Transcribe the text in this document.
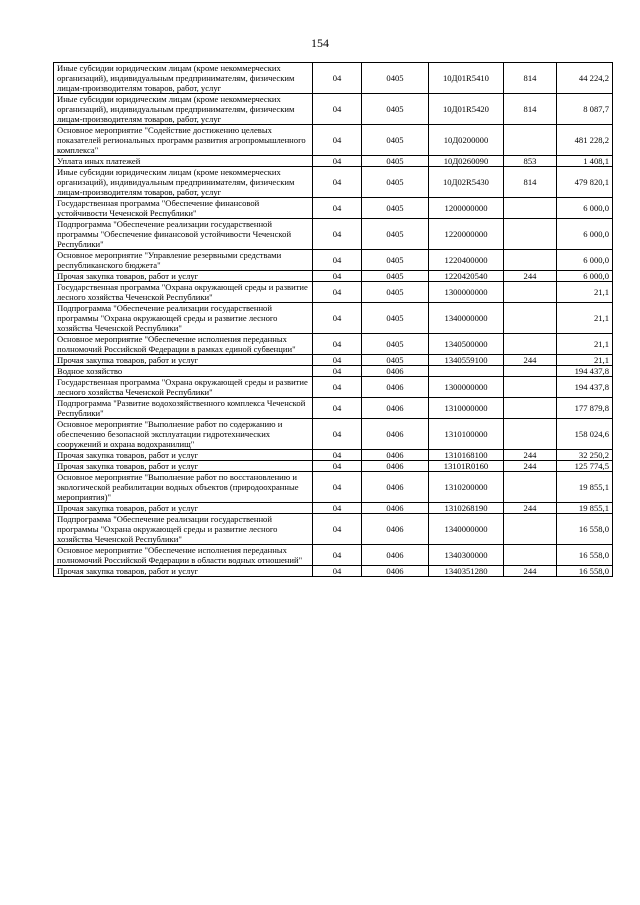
154
Иные субсидии юридическим лицам (кроме некоммерческих организаций), индивидуальным предпринимателям, физическим лицам-производителям товаров, работ, услуг	04	0405	10Д01R5410	814	44 224,2
Иные субсидии юридическим лицам (кроме некоммерческих организаций), индивидуальным предпринимателям, физическим лицам-производителям товаров, работ, услуг	04	0405	10Д01R5420	814	8 087,7
Основное мероприятие "Содействие достижению целевых показателей региональных программ развития агропромышленного комплекса"	04	0405	10Д0200000		481 228,2
Уплата иных платежей	04	0405	10Д0260090	853	1 408,1
Иные субсидии юридическим лицам (кроме некоммерческих организаций), индивидуальным предпринимателям, физическим лицам-производителям товаров, работ, услуг	04	0405	10Д02R5430	814	479 820,1
Государственная программа "Обеспечение финансовой устойчивости Чеченской Республики"	04	0405	1200000000		6 000,0
Подпрограмма "Обеспечение реализации государственной программы "Обеспечение финансовой устойчивости Чеченской Республики"	04	0405	1220000000		6 000,0
Основное мероприятие "Управление резервными средствами республиканского бюджета"	04	0405	1220400000		6 000,0
Прочая закупка товаров, работ и услуг	04	0405	1220420540	244	6 000,0
Государственная программа "Охрана окружающей среды и развитие лесного хозяйства Чеченской Республики"	04	0405	1300000000		21,1
Подпрограмма "Обеспечение реализации государственной программы "Охрана окружающей среды и развитие лесного хозяйства Чеченской Республики"	04	0405	1340000000		21,1
Основное мероприятие "Обеспечение исполнения переданных полномочий Российской Федерации в рамках единой субвенции"	04	0405	1340500000		21,1
Прочая закупка товаров, работ и услуг	04	0405	1340559100	244	21,1
Водное хозяйство	04	0406			194 437,8
Государственная программа "Охрана окружающей среды и развитие лесного хозяйства Чеченской Республики"	04	0406	1300000000		194 437,8
Подпрограмма "Развитие водохозяйственного комплекса Чеченской Республики"	04	0406	1310000000		177 879,8
Основное мероприятие "Выполнение работ по содержанию и обеспечению безопасной эксплуатации гидротехнических сооружений и охрана водохранилищ"	04	0406	1310100000		158 024,6
Прочая закупка товаров, работ и услуг	04	0406	1310168100	244	32 250,2
Прочая закупка товаров, работ и услуг	04	0406	13101R0160	244	125 774,5
Основное мероприятие "Выполнение работ по восстановлению и экологической реабилитации водных объектов (природоохранные мероприятия)"	04	0406	1310200000		19 855,1
Прочая закупка товаров, работ и услуг	04	0406	1310268190	244	19 855,1
Подпрограмма "Обеспечение реализации государственной программы "Охрана окружающей среды и развитие лесного хозяйства Чеченской Республики"	04	0406	1340000000		16 558,0
Основное мероприятие "Обеспечение исполнения переданных полномочий Российской Федерации в области водных отношений"	04	0406	1340300000		16 558,0
Прочая закупка товаров, работ и услуг	04	0406	1340351280	244	16 558,0
